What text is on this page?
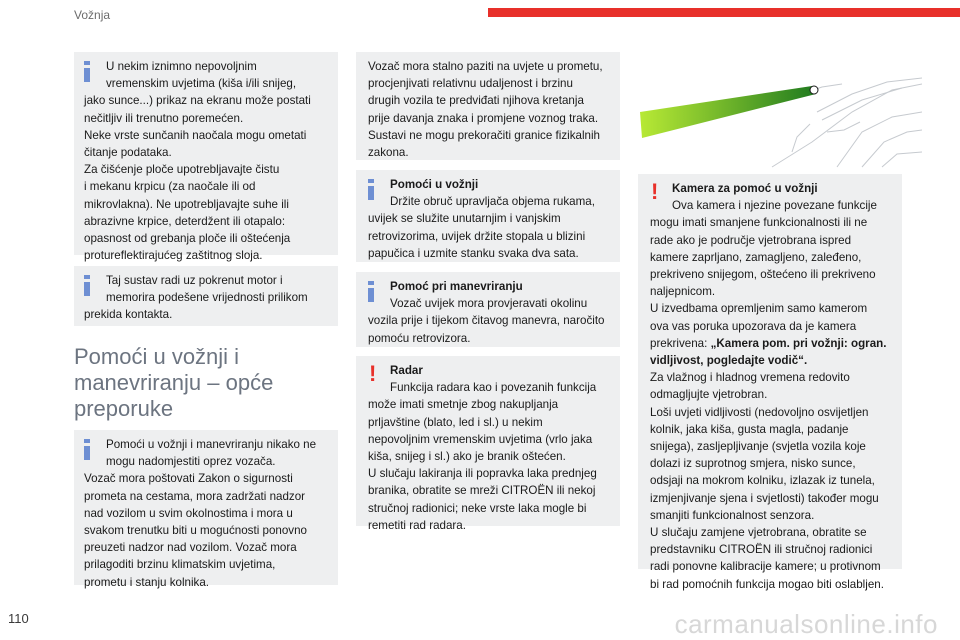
Vožnja
U nekim iznimno nepovoljnim
vremenskim uvjetima (kiša i/ili snijeg,
jako sunce...) prikaz na ekranu može postati
nečitljiv ili trenutno poremećen.
Neke vrste sunčanih naočala mogu ometati
čitanje podataka.
Za čišćenje ploče upotrebljavajte čistu
i mekanu krpicu (za naočale ili od
mikrovlakna). Ne upotrebljavajte suhe ili
abrazivne krpice, deterdžent ili otapalo:
opasnost od grebanja ploče ili oštećenja
protureflektirajućeg zaštitnog sloja.
Taj sustav radi uz pokrenut motor i
memorira podešene vrijednosti prilikom
prekida kontakta.
Pomoći u vožnji i manevriranju – opće preporuke
Pomoći u vožnji i manevriranju nikako ne
mogu nadomjestiti oprez vozača.
Vozač mora poštovati Zakon o sigurnosti
prometa na cestama, mora zadržati nadzor
nad vozilom u svim okolnostima i mora u
svakom trenutku biti u mogućnosti ponovno
preuzeti nadzor nad vozilom. Vozač mora
prilagoditi brzinu klimatskim uvjetima,
prometu i stanju kolnika.
Vozač mora stalno paziti na uvjete u prometu,
procjenjivati relativnu udaljenost i brzinu
drugih vozila te predviđati njihova kretanja
prije davanja znaka i promjene voznog traka.
Sustavi ne mogu prekoračiti granice fizikalnih
zakona.
Pomoći u vožnji
Držite obruč upravljača objema rukama,
uvijek se služite unutarnjim i vanjskim
retrovizorima, uvijek držite stopala u blizini
papučica i uzmite stanku svaka dva sata.
Pomoć pri manevriranju
Vozač uvijek mora provjeravati okolinu
vozila prije i tijekom čitavog manevra, naročito
pomoću retrovizora.
!	Radar
Funkcija radara kao i povezanih funkcija
može imati smetnje zbog nakupljanja
prljavštine (blato, led i sl.) u nekim
nepovoljnim vremenskim uvjetima (vrlo jaka
kiša, snijeg i sl.) ako je branik oštećen.
U slučaju lakiranja ili popravka laka prednjeg
branika, obratite se mreži CITROËN ili nekoj
stručnoj radionici; neke vrste laka mogle bi
remetiti rad radara.
!	Kamera za pomoć u vožnji
Ova kamera i njezine povezane funkcije
mogu imati smanjene funkcionalnosti ili ne
rade ako je područje vjetrobrana ispred
kamere zaprljano, zamagljeno, zaleđeno,
prekriveno snijegom, oštećeno ili prekriveno
naljepnicom.
U izvedbama opremljenim samo kamerom
ova vas poruka upozorava da je kamera
prekrivena: „Kamera pom. pri vožnji: ogran.
vidljivost, pogledajte vodič“.
Za vlažnog i hladnog vremena redovito
odmagljujte vjetrobran.
Loši uvjeti vidljivosti (nedovoljno osvijetljen
kolnik, jaka kiša, gusta magla, padanje
snijega), zasljepljivanje (svjetla vozila koje
dolazi iz suprotnog smjera, nisko sunce,
odsjaji na mokrom kolniku, izlazak iz tunela,
izmjenjivanje sjena i svjetlosti) također mogu
smanjiti funkcionalnost senzora.
U slučaju zamjene vjetrobrana, obratite se
predstavniku CITROËN ili stručnoj radionici
radi ponovne kalibracije kamere; u protivnom
bi rad pomoćnih funkcija mogao biti oslabljen.
110	carmanualsonline.info
